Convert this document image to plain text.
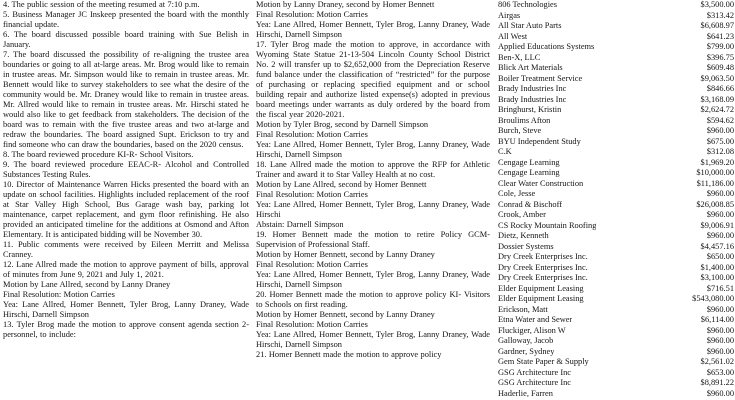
4. The public session of the meeting resumed at 7:10 p.m.

5. Business Manager JC Inskeep presented the board with the monthly financial update.

6. The board discussed possible board training with Sue Belish in January.

7. The board discussed the possibility of re-aligning the trustee area boundaries or going to all at-large areas. Mr. Brog would like to remain in trustee areas. Mr. Simpson would like to remain in trustee areas. Mr. Bennett would like to survey stakeholders to see what the desire of the community would be. Mr. Draney would like to remain in trustee areas. Mr. Allred would like to remain in trustee areas. Mr. Hirschi stated he would also like to get feedback from stakeholders. The decision of the board was to remain with the five trustee areas and two at-large and redraw the boundaries. The board assigned Supt. Erickson to try and find someone who can draw the boundaries, based on the 2020 census.

8. The board reviewed procedure KI-R- School Visitors.

9. The board reviewed procedure EEAC-R- Alcohol and Controlled Substances Testing Rules.

10. Director of Maintenance Warren Hicks presented the board with an update on school facilities. Highlights included replacement of the roof at Star Valley High School, Bus Garage wash bay, parking lot maintenance, carpet replacement, and gym floor refinishing. He also provided an anticipated timeline for the additions at Osmond and Afton Elementary. It is anticipated bidding will be November 30.

11. Public comments were received by Eileen Merritt and Melissa Cranney.

12. Lane Allred made the motion to approve payment of bills, approval of minutes from June 9, 2021 and July 1, 2021.

Motion by Lane Allred, second by Lanny Draney

Final Resolution: Motion Carries

Yea: Lane Allred, Homer Bennett, Tyler Brog, Lanny Draney, Wade Hirschi, Darnell Simpson

13. Tyler Brog made the motion to approve consent agenda section 2- personnel, to include:

Motion by Lanny Draney, second by Homer Bennett

Final Resolution: Motion Carries

Yea: Lane Allred, Homer Bennett, Tyler Brog, Lanny Draney, Wade Hirschi, Darnell Simpson

17. Tyler Brog made the motion to approve, in accordance with Wyoming State Statue 21-13-504 Lincoln County School District No. 2 will transfer up to $2,652,000 from the Depreciation Reserve fund balance under the classification of “restricted” for the purpose of purchasing or replacing specified equipment and or school building repair and authorize listed expense(s) adopted in previous board meetings under warrants as duly ordered by the board from the fiscal year 2020-2021.

Motion by Tyler Brog, second by Darnell Simpson

Final Resolution: Motion Carries

Yea: Lane Allred, Homer Bennett, Tyler Brog, Lanny Draney, Wade Hirschi, Darnell Simpson

18. Lane Allred made the motion to approve the RFP for Athletic Trainer and award it to Star Valley Health at no cost.

Motion by Lane Allred, second by Homer Bennett

Final Resolution: Motion Carries

Yea: Lane Allred, Homer Bennett, Tyler Brog, Lanny Draney, Wade Hirschi

Abstain: Darnell Simpson

19. Homer Bennett made the motion to retire Policy GCM- Supervision of Professional Staff.

Motion by Homer Bennett, second by Lanny Draney

Final Resolution: Motion Carries

Yea: Lane Allred, Homer Bennett, Tyler Brog, Lanny Draney, Wade Hirschi, Darnell Simpson

20. Homer Bennett made the motion to approve policy KI- Visitors to Schools on first reading.

Motion by Homer Bennett, second by Lanny Draney

Final Resolution: Motion Carries

Yea: Lane Allred, Homer Bennett, Tyler Brog, Lanny Draney, Wade Hirschi, Darnell Simpson

21. Homer Bennett made the motion to approve policy

806 Technologies	$3,500.00
Airgas	$313.42
All Star Auto Parts	$6,608.97
All West	$641.23
Applied Educations Systems	$799.00
Ben-X, LLC	$396.75
Blick Art Materials	$609.48
Boiler Treatment Service	$9,063.50
Brady Industries Inc	$846.66
Brady Industries Inc	$3,168.09
Bringhurst, Kristin	$2,624.72
Broulims Afton	$594.62
Burch, Steve	$960.00
BYU Independent Study	$675.00
C.K	$312.08
Cengage Learning	$1,969.20
Cengage Learning	$10,000.00
Clear Water Construction	$11,186.00
Cole, Jesse	$960.00
Conrad & Bischoff	$26,008.85
Crook, Amber	$960.00
CS Rocky Mountain Roofing	$9,006.91
Dietz, Kenneth	$960.00
Dossier Systems	$4,457.16
Dry Creek Enterprises Inc.	$650.00
Dry Creek Enterprises Inc.	$1,400.00
Dry Creek Enterprises Inc.	$3,100.00
Elder Equipment Leasing	$716.51
Elder Equipment Leasing	$543,080.00
Erickson, Matt	$960.00
Etna Water and Sewer	$6,114.00
Fluckiger, Alison W	$960.00
Galloway, Jacob	$960.00
Gardner, Sydney	$960.00
Gem State Paper & Supply	$2,561.02
GSG Architecture Inc	$653.00
GSG Architecture Inc	$8,891.22
Haderlie, Farren	$960.00
